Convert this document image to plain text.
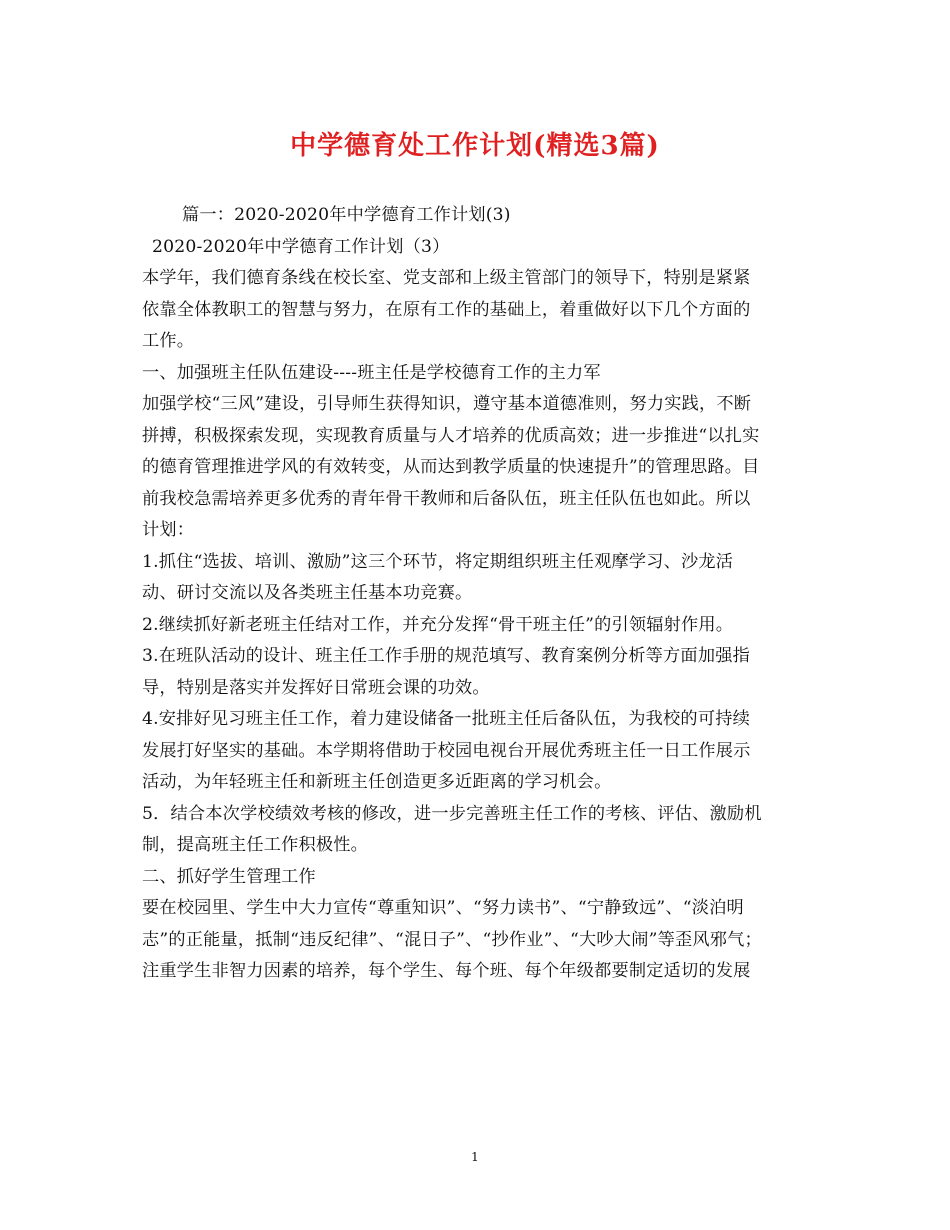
中学德育处工作计划(精选3篇)

篇一：2020-2020年中学德育工作计划(3)

2020-2020年中学德育工作计划（3）

本学年，我们德育条线在校长室、党支部和上级主管部门的领导下，特别是紧紧

依靠全体教职工的智慧与努力，在原有工作的基础上，着重做好以下几个方面的

工作。

一、加强班主任队伍建设----班主任是学校德育工作的主力军

加强学校“三风”建设，引导师生获得知识，遵守基本道德准则，努力实践，不断

拼搏，积极探索发现，实现教育质量与人才培养的优质高效；进一步推进“以扎实

的德育管理推进学风的有效转变，从而达到教学质量的快速提升”的管理思路。目

前我校急需培养更多优秀的青年骨干教师和后备队伍，班主任队伍也如此。所以

计划：

1.抓住“选拔、培训、激励”这三个环节，将定期组织班主任观摩学习、沙龙活

动、研讨交流以及各类班主任基本功竞赛。

2.继续抓好新老班主任结对工作，并充分发挥“骨干班主任”的引领辐射作用。

3.在班队活动的设计、班主任工作手册的规范填写、教育案例分析等方面加强指

导，特别是落实并发挥好日常班会课的功效。

4.安排好见习班主任工作，着力建设储备一批班主任后备队伍，为我校的可持续

发展打好坚实的基础。本学期将借助于校园电视台开展优秀班主任一日工作展示

活动，为年轻班主任和新班主任创造更多近距离的学习机会。

5．结合本次学校绩效考核的修改，进一步完善班主任工作的考核、评估、激励机

制，提高班主任工作积极性。

二、抓好学生管理工作

要在校园里、学生中大力宣传“尊重知识”、“努力读书”、“宁静致远”、“淡泊明

志”的正能量，抵制“违反纪律”、“混日子”、“抄作业”、“大吵大闹”等歪风邪气；

注重学生非智力因素的培养，每个学生、每个班、每个年级都要制定适切的发展

1
